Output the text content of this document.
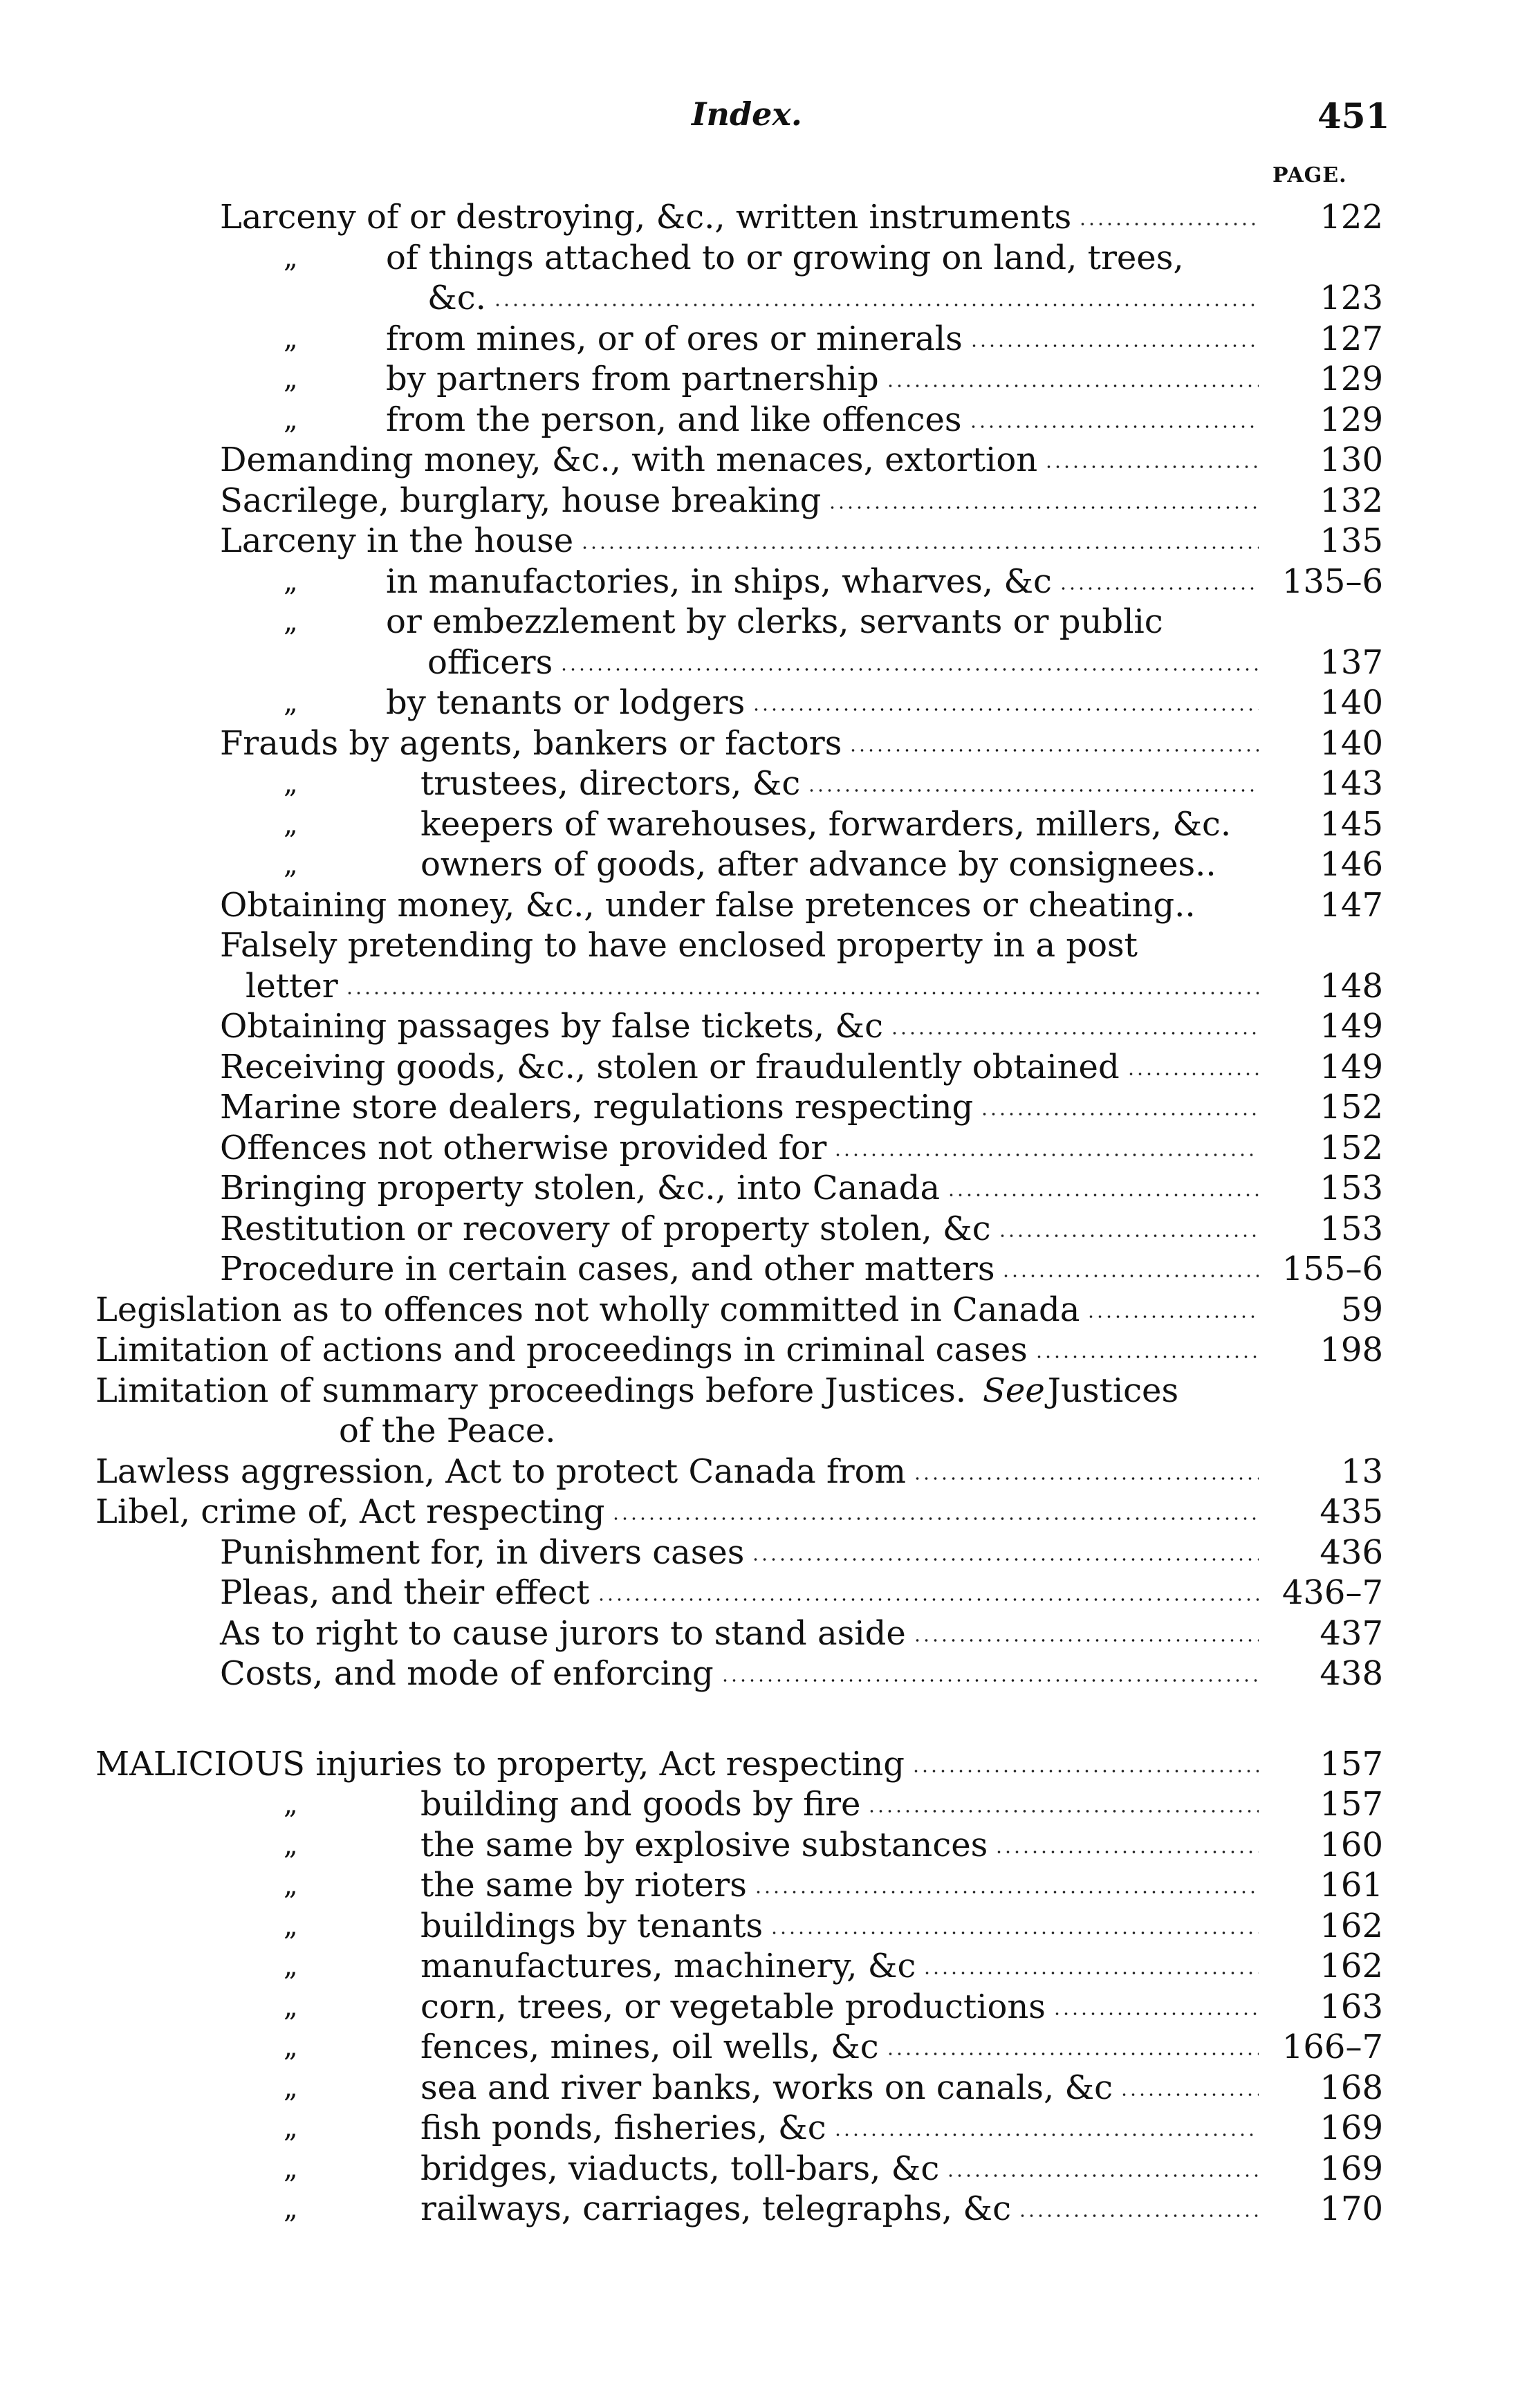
Index.	451
PAGE.
Larceny of or destroying, &c., written instruments	122
„	of things attached to or growing on land, trees,
&c.	123
„	from mines, or of ores or minerals	127
„	by partners from partnership	129
„	from the person, and like offences	129
Demanding money, &c., with menaces, extortion	130
Sacrilege, burglary, house breaking	132
Larceny in the house	135
„	in manufactories, in ships, wharves, &c	135–6
„	or embezzlement by clerks, servants or public
officers	137
„	by tenants or lodgers	140
Frauds by agents, bankers or factors	140
„	trustees, directors, &c	143
„	keepers of warehouses, forwarders, millers, &c.	145
„	owners of goods, after advance by consignees..	146
Obtaining money, &c., under false pretences or cheating..	147
Falsely pretending to have enclosed property in a post
letter	148
Obtaining passages by false tickets, &c	149
Receiving goods, &c., stolen or fraudulently obtained	149
Marine store dealers, regulations respecting	152
Offences not otherwise provided for	152
Bringing property stolen, &c., into Canada	153
Restitution or recovery of property stolen, &c	153
Procedure in certain cases, and other matters	155–6
Legislation as to offences not wholly committed in Canada	59
Limitation of actions and proceedings in criminal cases	198
Limitation of summary proceedings before Justices. See Justices
of the Peace.
Lawless aggression, Act to protect Canada from	13
Libel, crime of, Act respecting	435
Punishment for, in divers cases	436
Pleas, and their effect	436–7
As to right to cause jurors to stand aside	437
Costs, and mode of enforcing	438
MALICIOUS injuries to property, Act respecting	157
„	building and goods by fire	157
„	the same by explosive substances	160
„	the same by rioters	161
„	buildings by tenants	162
„	manufactures, machinery, &c	162
„	corn, trees, or vegetable productions	163
„	fences, mines, oil wells, &c	166–7
„	sea and river banks, works on canals, &c	168
„	fish ponds, fisheries, &c	169
„	bridges, viaducts, toll-bars, &c	169
„	railways, carriages, telegraphs, &c	170
